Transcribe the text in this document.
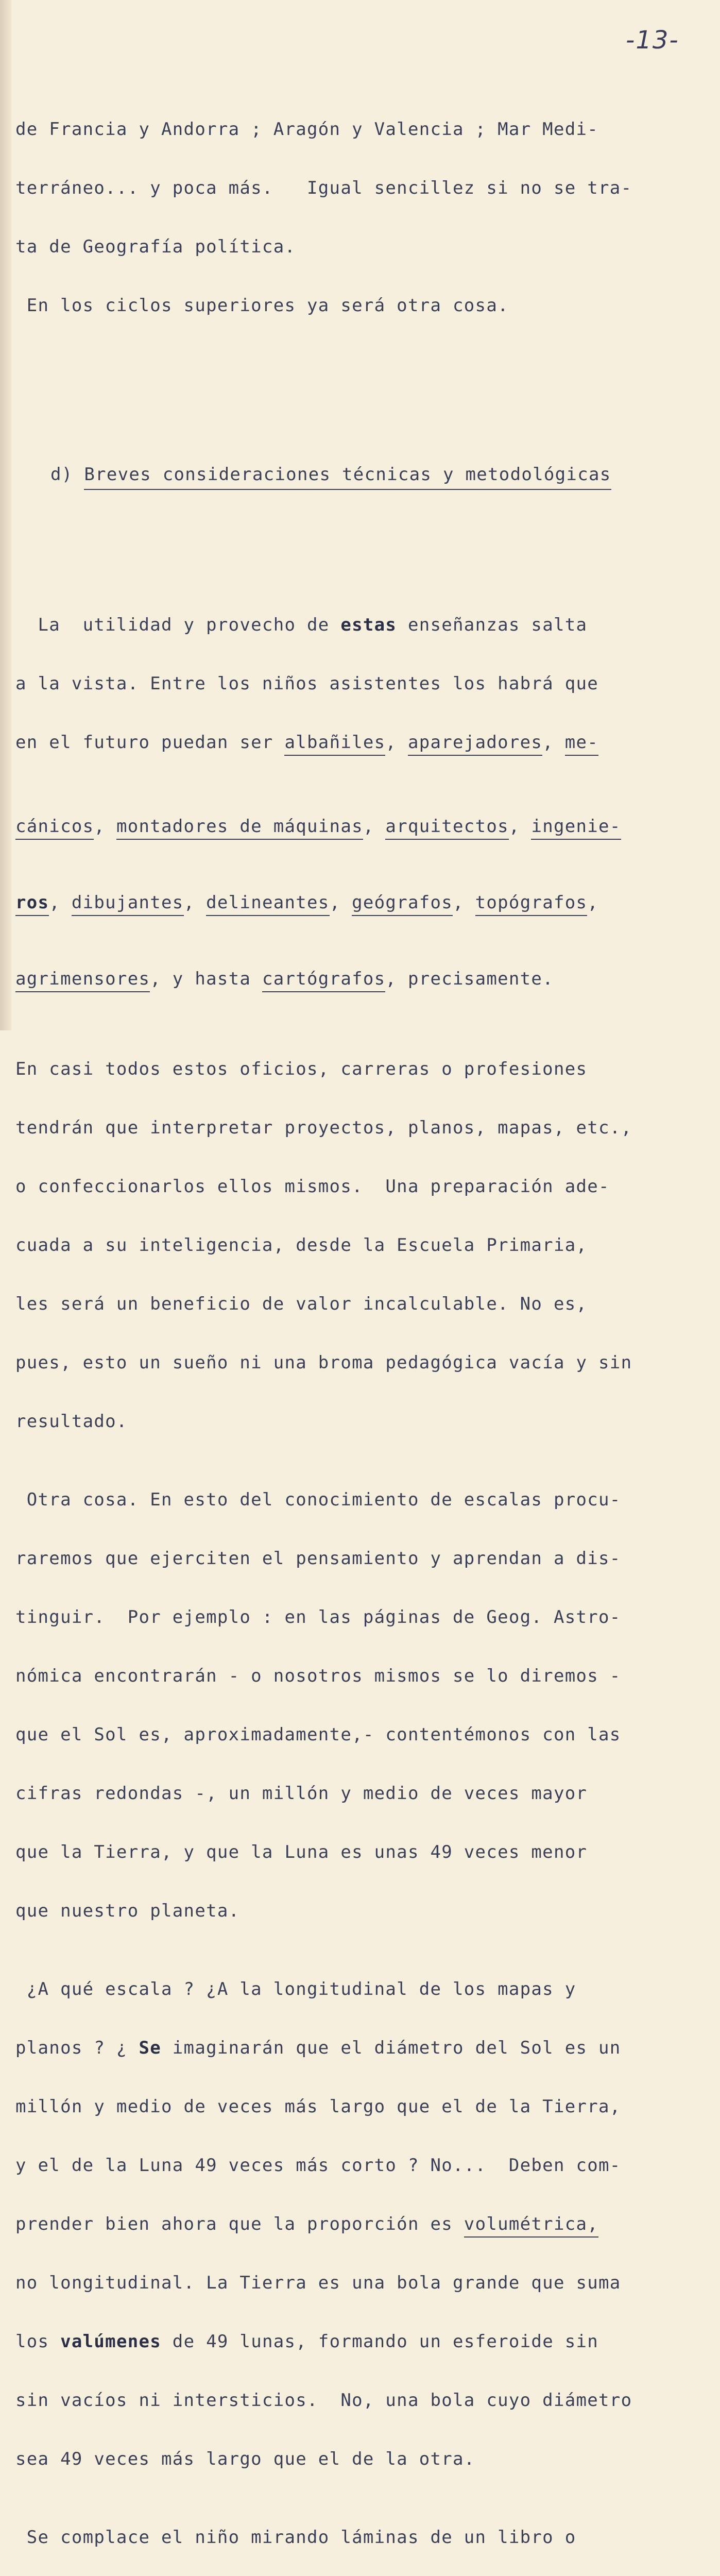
-13-

de Francia y Andorra ; Aragón y Valencia ; Mar Medi-

terráneo... y poca más.   Igual sencillez si no se tra-

ta de Geografía política.

En los ciclos superiores ya será otra cosa.

d) Breves consideraciones técnicas y metodológicas

La  utilidad y provecho de estas enseñanzas salta

a la vista. Entre los niños asistentes los habrá que

en el futuro puedan ser albañiles, aparejadores, me-

cánicos, montadores de máquinas, arquitectos, ingenie-

ros, dibujantes, delineantes, geógrafos, topógrafos,

agrimensores, y hasta cartógrafos, precisamente.

En casi todos estos oficios, carreras o profesiones

tendrán que interpretar proyectos, planos, mapas, etc.,

o confeccionarlos ellos mismos.  Una preparación ade-

cuada a su inteligencia, desde la Escuela Primaria,

les será un beneficio de valor incalculable. No es,

pues, esto un sueño ni una broma pedagógica vacía y sin

resultado.

Otra cosa. En esto del conocimiento de escalas procu-

raremos que ejerciten el pensamiento y aprendan a dis-

tinguir.  Por ejemplo : en las páginas de Geog. Astro-

nómica encontrarán - o nosotros mismos se lo diremos -

que el Sol es, aproximadamente,- contentémonos con las

cifras redondas -, un millón y medio de veces mayor

que la Tierra, y que la Luna es unas 49 veces menor

que nuestro planeta.

¿A qué escala ? ¿A la longitudinal de los mapas y

planos ? ¿ Se imaginarán que el diámetro del Sol es un

millón y medio de veces más largo que el de la Tierra,

y el de la Luna 49 veces más corto ? No...  Deben com-

prender bien ahora que la proporción es volumétrica,

no longitudinal. La Tierra es una bola grande que suma

los valúmenes de 49 lunas, formando un esferoide sin

sin vacíos ni intersticios.  No, una bola cuyo diámetro

sea 49 veces más largo que el de la otra.

Se complace el niño mirando láminas de un libro o
